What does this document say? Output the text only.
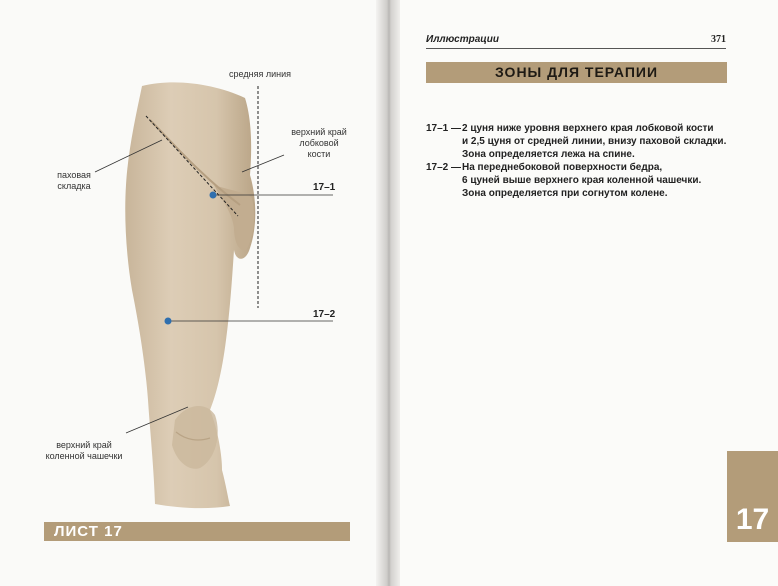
средняя линия
паховая
складка
верхний край
лобковой
кости
верхний край
коленной чашечки
17–1
17–2
ЛИСТ 17
Иллюстрации	371
ЗОНЫ ДЛЯ ТЕРАПИИ
17–1 — 2 цуня ниже уровня верхнего края лобковой кости
и 2,5 цуня от средней линии, внизу паховой складки.
Зона определяется лежа на спине.
17–2 — На переднебоковой поверхности бедра,
6 цуней выше верхнего края коленной чашечки.
Зона определяется при согнутом колене.
17
